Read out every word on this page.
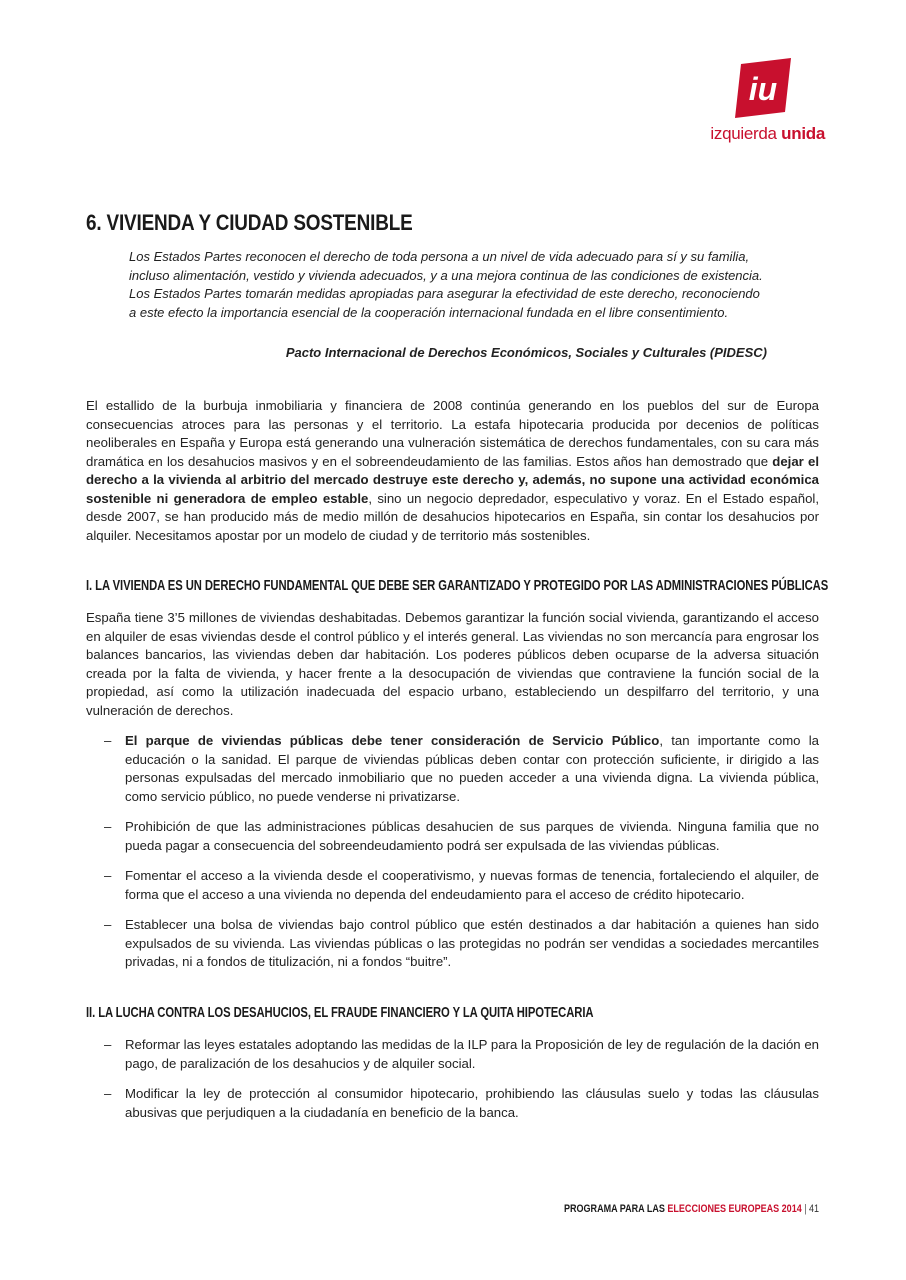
iu
izquierda unida
6. VIVIENDA Y CIUDAD SOSTENIBLE
Los Estados Partes reconocen el derecho de toda persona a un nivel de vida adecuado para sí y su familia, incluso alimentación, vestido y vivienda adecuados, y a una mejora continua de las condiciones de existencia. Los Estados Partes tomarán medidas apropiadas para asegurar la efectividad de este derecho, reconociendo a este efecto la importancia esencial de la cooperación internacional fundada en el libre consentimiento.
Pacto Internacional de Derechos Económicos, Sociales y Culturales (PIDESC)
El estallido de la burbuja inmobiliaria y financiera de 2008 continúa generando en los pueblos del sur de Europa consecuencias atroces para las personas y el territorio. La estafa hipotecaria producida por decenios de políticas neoliberales en España y Europa está generando una vulneración sistemática de derechos fundamentales, con su cara más dramática en los desahucios masivos y en el sobreendeudamiento de las familias. Estos años han demostrado que dejar el derecho a la vivienda al arbitrio del mercado destruye este derecho y, además, no supone una actividad económica sostenible ni generadora de empleo estable, sino un negocio depredador, especulativo y voraz. En el Estado español, desde 2007, se han producido más de medio millón de desahucios hipotecarios en España, sin contar los desahucios por alquiler. Necesitamos apostar por un modelo de ciudad y de territorio más sostenibles.
I. LA VIVIENDA ES UN DERECHO FUNDAMENTAL QUE DEBE SER GARANTIZADO Y PROTEGIDO POR LAS ADMINISTRACIONES PÚBLICAS
España tiene 3’5 millones de viviendas deshabitadas. Debemos garantizar la función social vivienda, garantizando el acceso en alquiler de esas viviendas desde el control público y el interés general. Las viviendas no son mercancía para engrosar los balances bancarios, las viviendas deben dar habitación. Los poderes públicos deben ocuparse de la adversa situación creada por la falta de vivienda, y hacer frente a la desocupación de viviendas que contraviene la función social de la propiedad, así como la utilización inadecuada del espacio urbano, estableciendo un despilfarro del territorio, y una vulneración de derechos.
–	El parque de viviendas públicas debe tener consideración de Servicio Público, tan importante como la educación o la sanidad. El parque de viviendas públicas deben contar con protección suficiente, ir dirigido a las personas expulsadas del mercado inmobiliario que no pueden acceder a una vivienda digna. La vivienda pública, como servicio público, no puede venderse ni privatizarse.
–	Prohibición de que las administraciones públicas desahucien de sus parques de vivienda. Ninguna familia que no pueda pagar a consecuencia del sobreendeudamiento podrá ser expulsada de las viviendas públicas.
–	Fomentar el acceso a la vivienda desde el cooperativismo, y nuevas formas de tenencia, fortaleciendo el alquiler, de forma que el acceso a una vivienda no dependa del endeudamiento para el acceso de crédito hipotecario.
–	Establecer una bolsa de viviendas bajo control público que estén destinados a dar habitación a quienes han sido expulsados de su vivienda. Las viviendas públicas o las protegidas no podrán ser vendidas a sociedades mercantiles privadas, ni a fondos de titulización, ni a fondos “buitre”.
II. LA LUCHA CONTRA LOS DESAHUCIOS, EL FRAUDE FINANCIERO Y LA QUITA HIPOTECARIA
–	Reformar las leyes estatales adoptando las medidas de la ILP para la Proposición de ley de regulación de la dación en pago, de paralización de los desahucios y de alquiler social.
–	Modificar la ley de protección al consumidor hipotecario, prohibiendo las cláusulas suelo y todas las cláusulas abusivas que perjudiquen a la ciudadanía en beneficio de la banca.
PROGRAMA PARA LAS ELECCIONES EUROPEAS 2014 | 41
